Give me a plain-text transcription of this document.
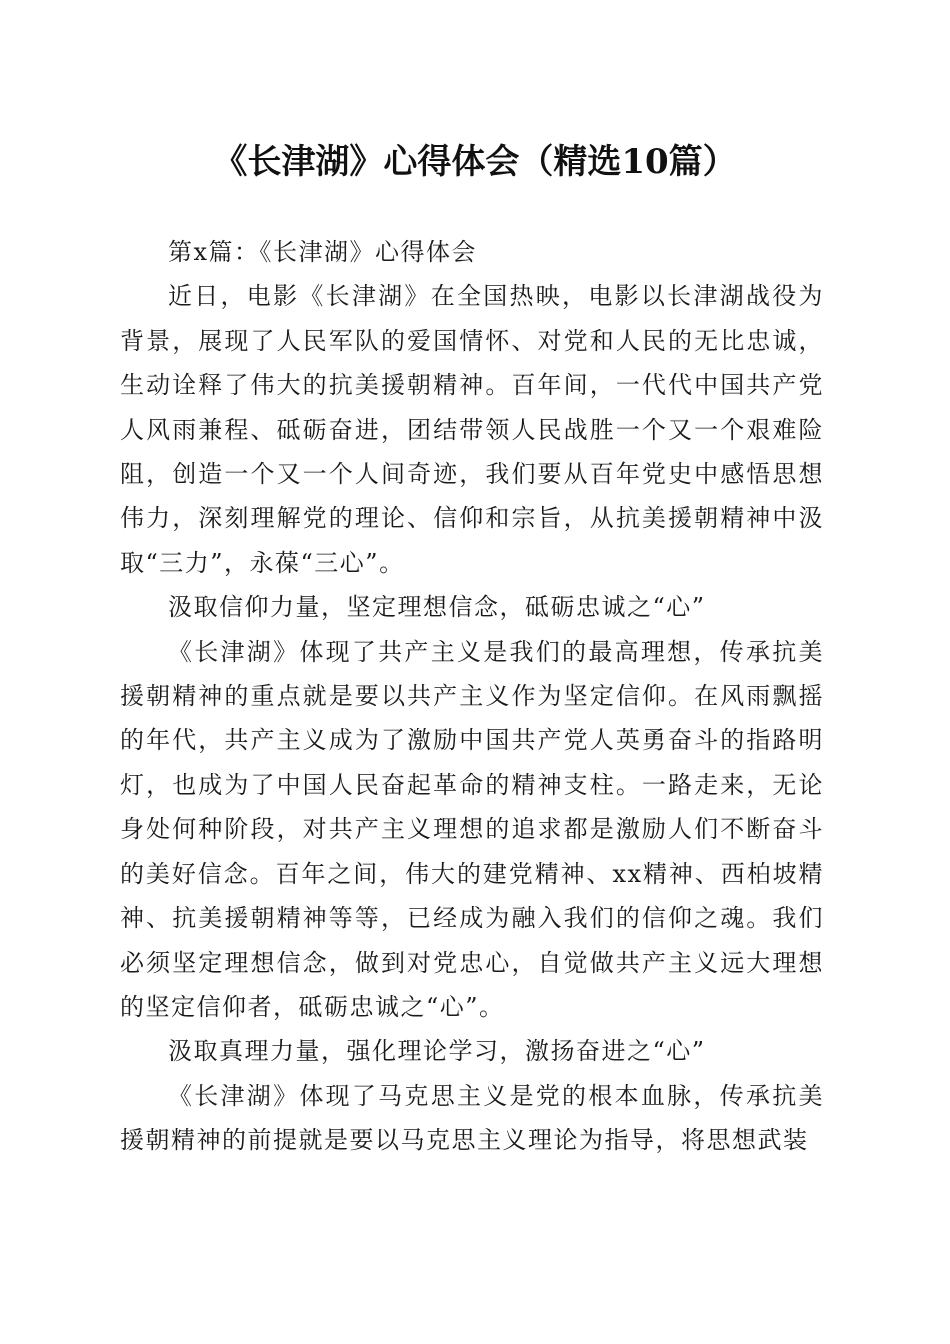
《长津湖》心得体会（精选10篇）

第x篇：《长津湖》心得体会

近日，电影《长津湖》在全国热映，电影以长津湖战役为背景，展现了人民军队的爱国情怀、对党和人民的无比忠诚，生动诠释了伟大的抗美援朝精神。百年间，一代代中国共产党人风雨兼程、砥砺奋进，团结带领人民战胜一个又一个艰难险阻，创造一个又一个人间奇迹，我们要从百年党史中感悟思想伟力，深刻理解党的理论、信仰和宗旨，从抗美援朝精神中汲取“三力”，永葆“三心”。

汲取信仰力量，坚定理想信念，砥砺忠诚之“心”

《长津湖》体现了共产主义是我们的最高理想，传承抗美援朝精神的重点就是要以共产主义作为坚定信仰。在风雨飘摇的年代，共产主义成为了激励中国共产党人英勇奋斗的指路明灯，也成为了中国人民奋起革命的精神支柱。一路走来，无论身处何种阶段，对共产主义理想的追求都是激励人们不断奋斗的美好信念。百年之间，伟大的建党精神、xx精神、西柏坡精神、抗美援朝精神等等，已经成为融入我们的信仰之魂。我们必须坚定理想信念，做到对党忠心，自觉做共产主义远大理想的坚定信仰者，砥砺忠诚之“心”。

汲取真理力量，强化理论学习，激扬奋进之“心”

《长津湖》体现了马克思主义是党的根本血脉，传承抗美援朝精神的前提就是要以马克思主义理论为指导，将思想武装
